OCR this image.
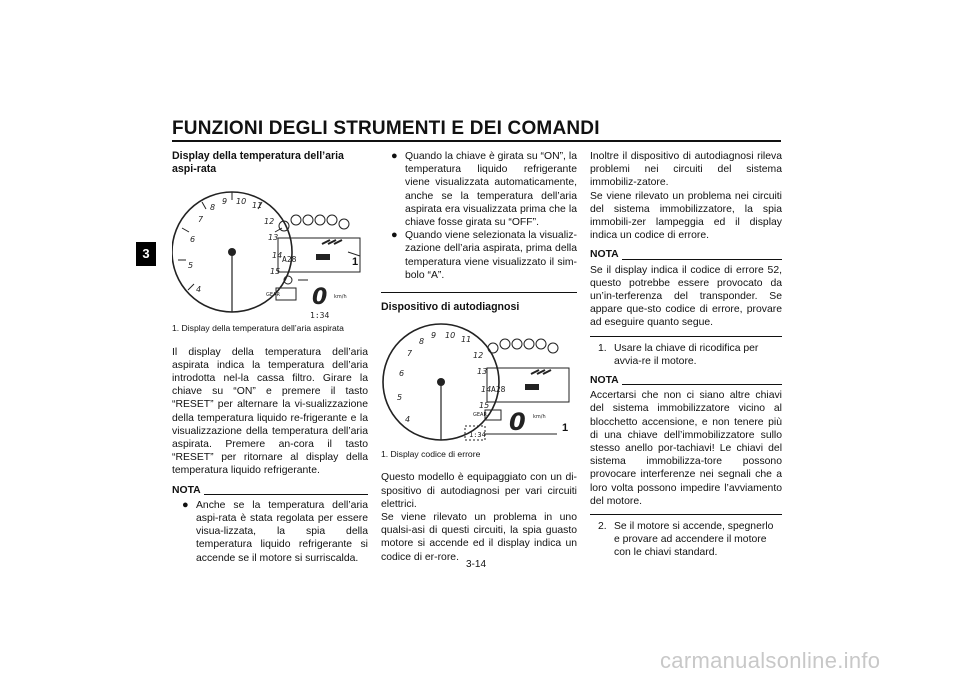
FUNZIONI DEGLI STRUMENTI E DEI COMANDI
3
Display della temperatura dell’aria aspi-rata
4
5
6
7
8
9 10 11
12
13
14
15
A28
0 km/h
1:34
GEAR
1
1. Display della temperatura dell’aria aspirata
Il display della temperatura dell’aria aspirata indica la temperatura dell’aria introdotta nel-la cassa filtro. Girare la chiave su “ON” e premere il tasto “RESET” per alternare la vi-sualizzazione della temperatura liquido re-frigerante e la visualizzazione della temperatura dell’aria aspirata. Premere an-cora il tasto “RESET” per ritornare al display della temperatura liquido refrigerante.
NOTA
● Anche se la temperatura dell’aria aspi-rata è stata regolata per essere visua-lizzata, la spia della temperatura liquido refrigerante si accende se il motore si surriscalda.
● Quando la chiave è girata su “ON”, la temperatura liquido refrigerante viene visualizzata automaticamente, anche se la temperatura dell’aria aspirata era visualizzata prima che la chiave fosse girata su “OFF”.
● Quando viene selezionata la visualiz-zazione dell’aria aspirata, prima della temperatura viene visualizzato il sim-bolo “A”.
Dispositivo di autodiagnosi
4
5
6
7
8
9 10 11
12
13
14
15
A28
0 km/h
1:34
GEAR
1
1. Display codice di errore
Questo modello è equipaggiato con un di-spositivo di autodiagnosi per vari circuiti elettrici.
Se viene rilevato un problema in uno qualsi-asi di questi circuiti, la spia guasto motore si accende ed il display indica un codice di er-rore.
Inoltre il dispositivo di autodiagnosi rileva problemi nei circuiti del sistema immobiliz-zatore.
Se viene rilevato un problema nei circuiti del sistema immobilizzatore, la spia immobili-zer lampeggia ed il display indica un codice di errore.
NOTA
Se il display indica il codice di errore 52, questo potrebbe essere provocato da un’in-terferenza del transponder. Se appare que-sto codice di errore, provare ad eseguire quanto segue.
1. Usare la chiave di ricodifica per avvia-re il motore.
NOTA
Accertarsi che non ci siano altre chiavi del sistema immobilizzatore vicino al blocchetto accensione, e non tenere più di una chiave dell’immobilizzatore sullo stesso anello por-tachiavi! Le chiavi del sistema immobilizza-tore possono provocare interferenze nei segnali che a loro volta possono impedire l’avviamento del motore.
2. Se il motore si accende, spegnerlo e provare ad accendere il motore con le chiavi standard.
3-14
carmanualsonline.info
